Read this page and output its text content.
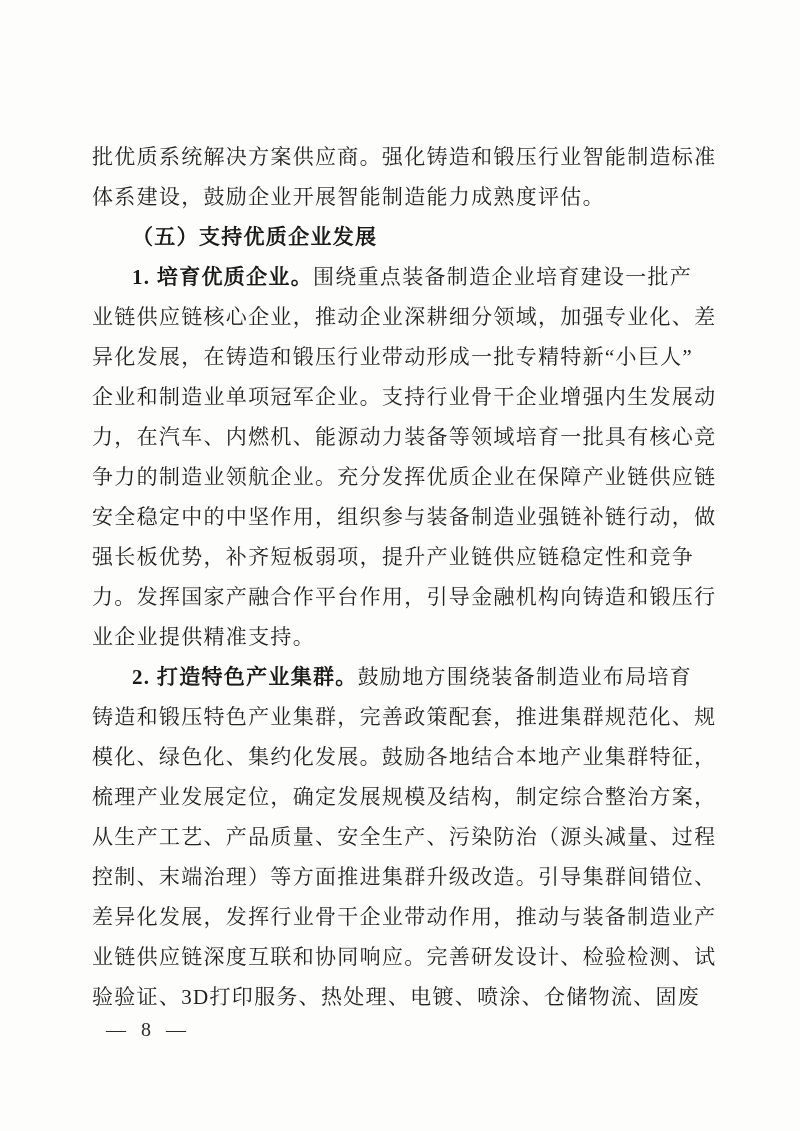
批优质系统解决方案供应商。强化铸造和锻压行业智能制造标准
体系建设，鼓励企业开展智能制造能力成熟度评估。
（五）支持优质企业发展
1. 培育优质企业。围绕重点装备制造企业培育建设一批产
业链供应链核心企业，推动企业深耕细分领域，加强专业化、差
异化发展，在铸造和锻压行业带动形成一批专精特新“小巨人”
企业和制造业单项冠军企业。支持行业骨干企业增强内生发展动
力，在汽车、内燃机、能源动力装备等领域培育一批具有核心竞
争力的制造业领航企业。充分发挥优质企业在保障产业链供应链
安全稳定中的中坚作用，组织参与装备制造业强链补链行动，做
强长板优势，补齐短板弱项，提升产业链供应链稳定性和竞争
力。发挥国家产融合作平台作用，引导金融机构向铸造和锻压行
业企业提供精准支持。
2. 打造特色产业集群。鼓励地方围绕装备制造业布局培育
铸造和锻压特色产业集群，完善政策配套，推进集群规范化、规
模化、绿色化、集约化发展。鼓励各地结合本地产业集群特征，
梳理产业发展定位，确定发展规模及结构，制定综合整治方案，
从生产工艺、产品质量、安全生产、污染防治（源头减量、过程
控制、末端治理）等方面推进集群升级改造。引导集群间错位、
差异化发展，发挥行业骨干企业带动作用，推动与装备制造业产
业链供应链深度互联和协同响应。完善研发设计、检验检测、试
验验证、3D打印服务、热处理、电镀、喷涂、仓储物流、固废
— 8 —
